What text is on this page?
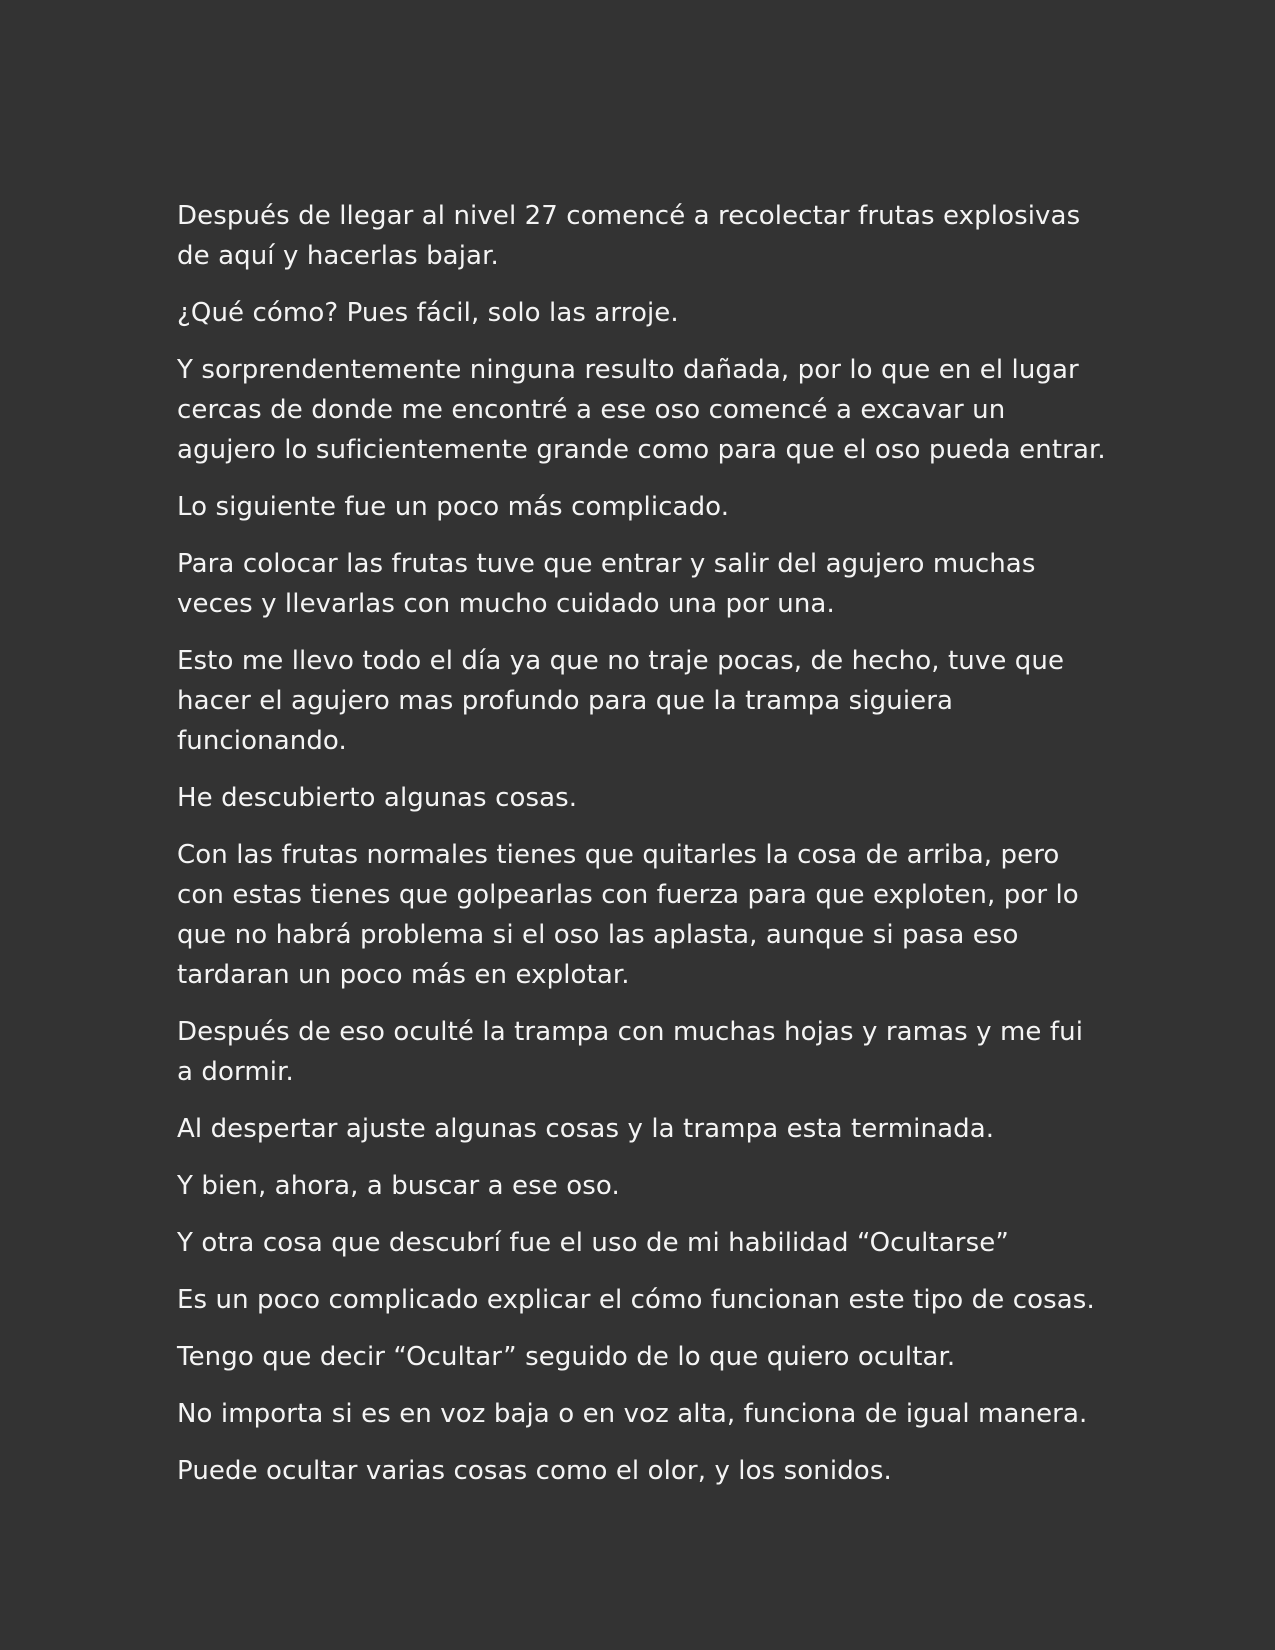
Después de llegar al nivel 27 comencé a recolectar frutas explosivas de aquí y hacerlas bajar.

¿Qué cómo? Pues fácil, solo las arroje.

Y sorprendentemente ninguna resulto dañada, por lo que en el lugar cercas de donde me encontré a ese oso comencé a excavar un agujero lo suficientemente grande como para que el oso pueda entrar.

Lo siguiente fue un poco más complicado.

Para colocar las frutas tuve que entrar y salir del agujero muchas veces y llevarlas con mucho cuidado una por una.

Esto me llevo todo el día ya que no traje pocas, de hecho, tuve que hacer el agujero mas profundo para que la trampa siguiera funcionando.

He descubierto algunas cosas.

Con las frutas normales tienes que quitarles la cosa de arriba, pero con estas tienes que golpearlas con fuerza para que exploten, por lo que no habrá problema si el oso las aplasta, aunque si pasa eso tardaran un poco más en explotar.

Después de eso oculté la trampa con muchas hojas y ramas y me fui a dormir.

Al despertar ajuste algunas cosas y la trampa esta terminada.

Y bien, ahora, a buscar a ese oso.

Y otra cosa que descubrí fue el uso de mi habilidad “Ocultarse”

Es un poco complicado explicar el cómo funcionan este tipo de cosas.

Tengo que decir “Ocultar” seguido de lo que quiero ocultar.

No importa si es en voz baja o en voz alta, funciona de igual manera.

Puede ocultar varias cosas como el olor, y los sonidos.
